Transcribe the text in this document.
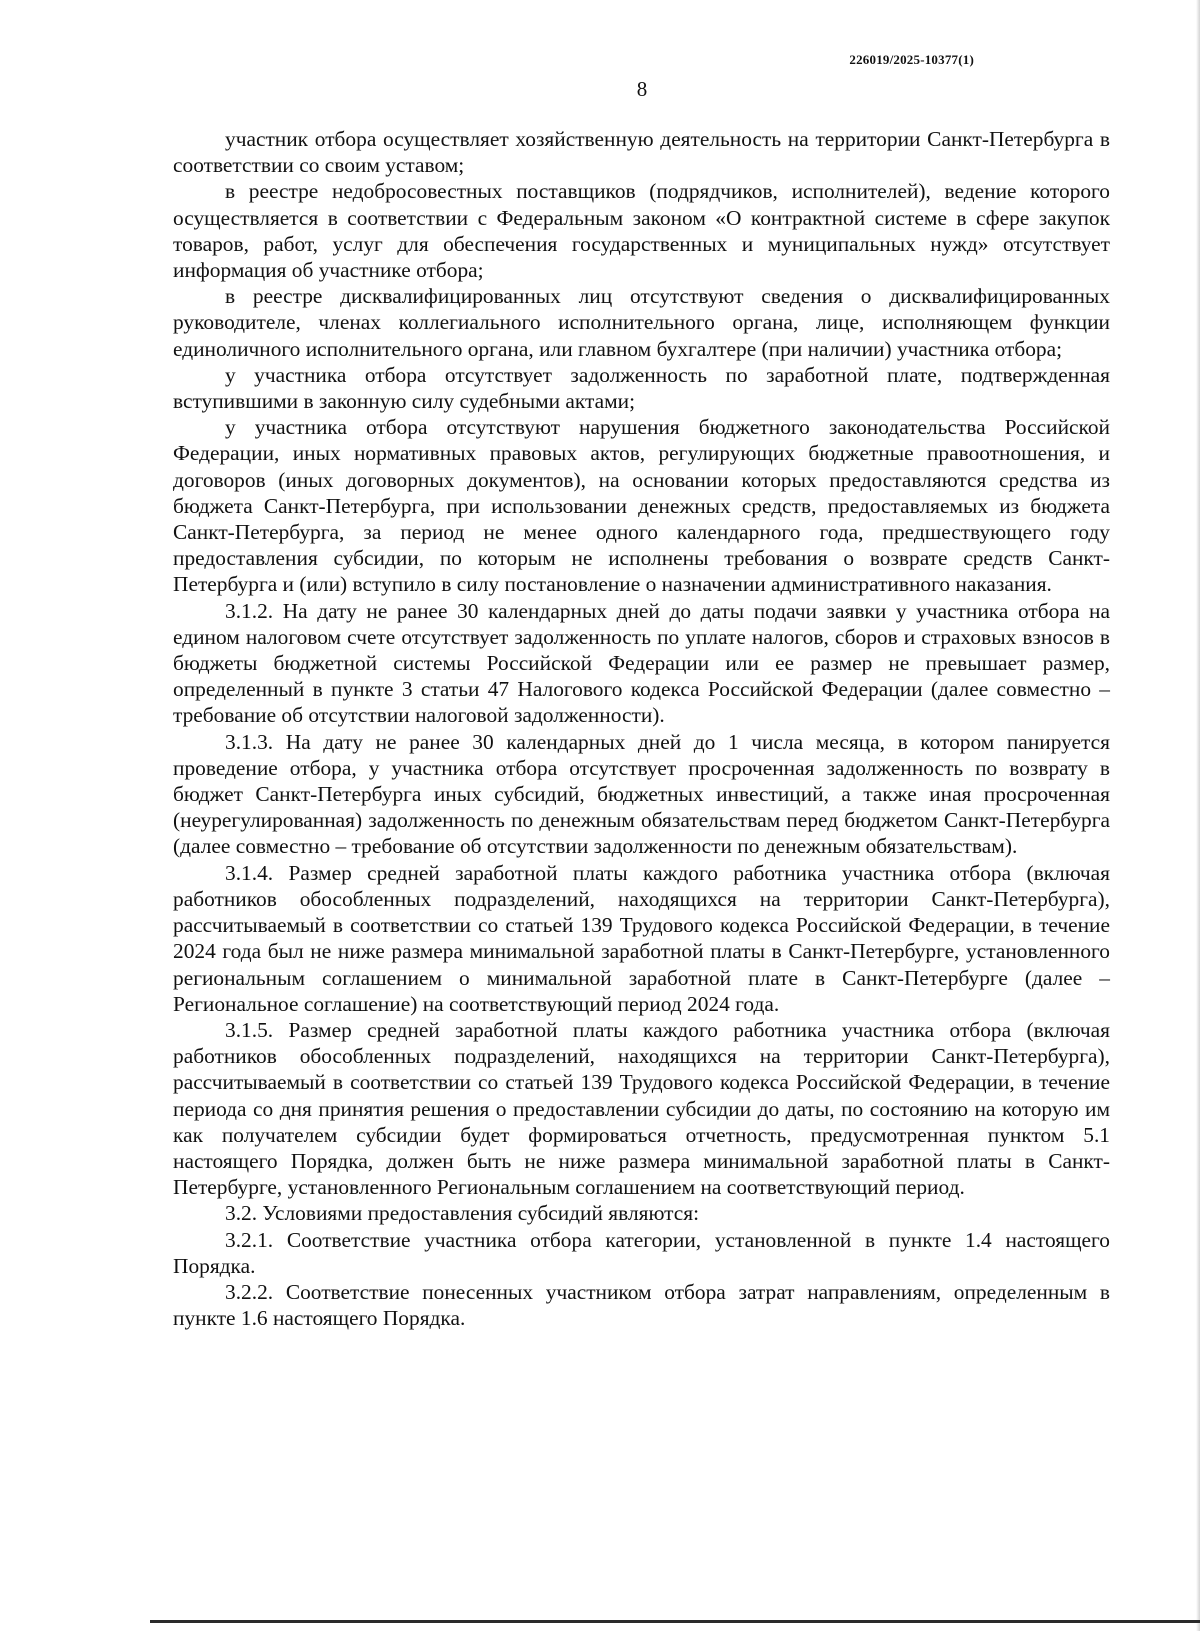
226019/2025-10377(1)
8

участник отбора осуществляет хозяйственную деятельность на территории Санкт-Петербурга в соответствии со своим уставом;

в реестре недобросовестных поставщиков (подрядчиков, исполнителей), ведение которого осуществляется в соответствии с Федеральным законом «О контрактной системе в сфере закупок товаров, работ, услуг для обеспечения государственных и муниципальных нужд» отсутствует информация об участнике отбора;

в реестре дисквалифицированных лиц отсутствуют сведения о дисквалифицированных руководителе, членах коллегиального исполнительного органа, лице, исполняющем функции единоличного исполнительного органа, или главном бухгалтере (при наличии) участника отбора;

у участника отбора отсутствует задолженность по заработной плате, подтвержденная вступившими в законную силу судебными актами;

у участника отбора отсутствуют нарушения бюджетного законодательства Российской Федерации, иных нормативных правовых актов, регулирующих бюджетные правоотношения, и договоров (иных договорных документов), на основании которых предоставляются средства из бюджета Санкт-Петербурга, при использовании денежных средств, предоставляемых из бюджета Санкт-Петербурга, за период не менее одного календарного года, предшествующего году предоставления субсидии, по которым не исполнены требования о возврате средств Санкт-Петербурга и (или) вступило в силу постановление о назначении административного наказания.

3.1.2. На дату не ранее 30 календарных дней до даты подачи заявки у участника отбора на едином налоговом счете отсутствует задолженность по уплате налогов, сборов и страховых взносов в бюджеты бюджетной системы Российской Федерации или ее размер не превышает размер, определенный в пункте 3 статьи 47 Налогового кодекса Российской Федерации (далее совместно – требование об отсутствии налоговой задолженности).

3.1.3. На дату не ранее 30 календарных дней до 1 числа месяца, в котором панируется проведение отбора, у участника отбора отсутствует просроченная задолженность по возврату в бюджет Санкт-Петербурга иных субсидий, бюджетных инвестиций, а также иная просроченная (неурегулированная) задолженность по денежным обязательствам перед бюджетом Санкт-Петербурга (далее совместно – требование об отсутствии задолженности по денежным обязательствам).

3.1.4. Размер средней заработной платы каждого работника участника отбора (включая работников обособленных подразделений, находящихся на территории Санкт-Петербурга), рассчитываемый в соответствии со статьей 139 Трудового кодекса Российской Федерации, в течение 2024 года был не ниже размера минимальной заработной платы в Санкт-Петербурге, установленного региональным соглашением о минимальной заработной плате в Санкт-Петербурге (далее – Региональное соглашение) на соответствующий период 2024 года.

3.1.5. Размер средней заработной платы каждого работника участника отбора (включая работников обособленных подразделений, находящихся на территории Санкт-Петербурга), рассчитываемый в соответствии со статьей 139 Трудового кодекса Российской Федерации, в течение периода со дня принятия решения о предоставлении субсидии до даты, по состоянию на которую им как получателем субсидии будет формироваться отчетность, предусмотренная пунктом 5.1 настоящего Порядка, должен быть не ниже размера минимальной заработной платы в Санкт-Петербурге, установленного Региональным соглашением на соответствующий период.

3.2. Условиями предоставления субсидий являются:

3.2.1. Соответствие участника отбора категории, установленной в пункте 1.4 настоящего Порядка.

3.2.2. Соответствие понесенных участником отбора затрат направлениям, определенным в пункте 1.6 настоящего Порядка.
